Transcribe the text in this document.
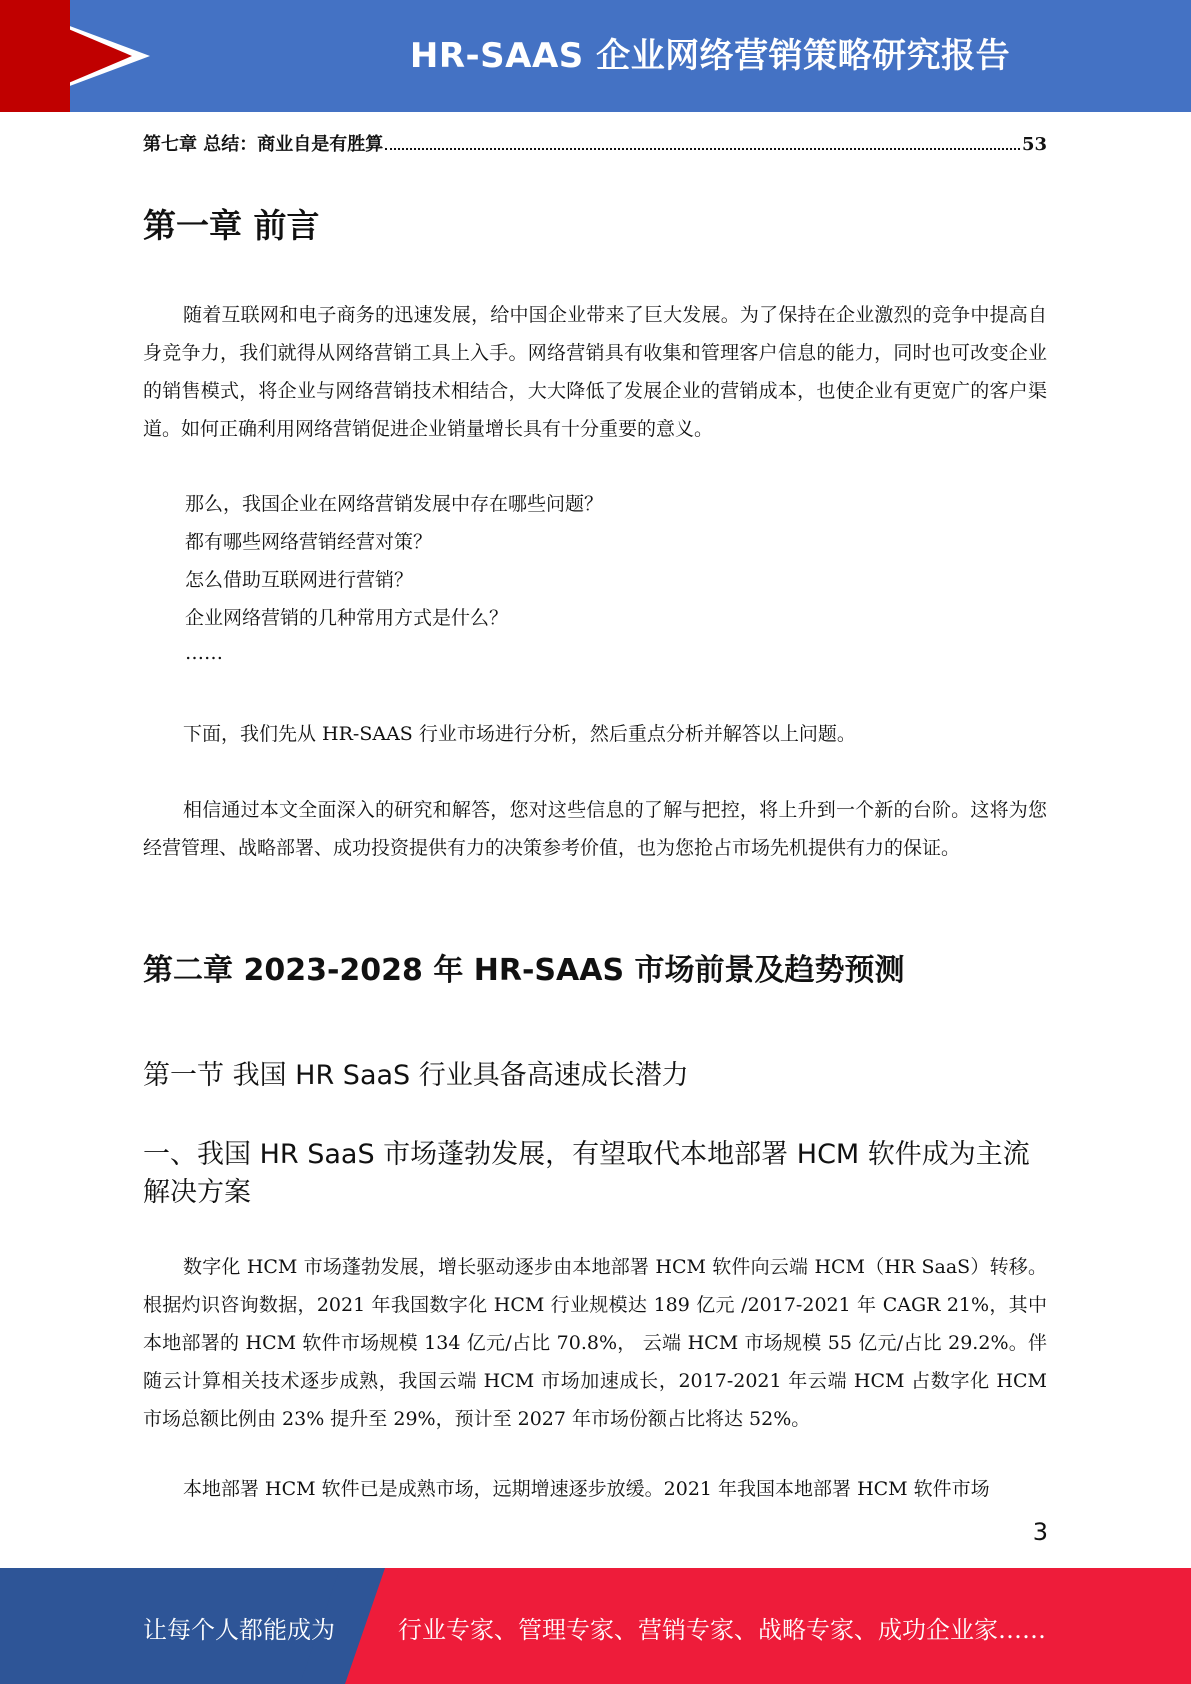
HR-SAAS 企业网络营销策略研究报告
第七章 总结：商业自是有胜算	53
第一章 前言
随着互联网和电子商务的迅速发展，给中国企业带来了巨大发展。为了保持在企业激烈的竞争中提高自身竞争力，我们就得从网络营销工具上入手。网络营销具有收集和管理客户信息的能力，同时也可改变企业的销售模式，将企业与网络营销技术相结合，大大降低了发展企业的营销成本，也使企业有更宽广的客户渠道。如何正确利用网络营销促进企业销量增长具有十分重要的意义。
那么，我国企业在网络营销发展中存在哪些问题？
都有哪些网络营销经营对策？
怎么借助互联网进行营销？
企业网络营销的几种常用方式是什么？
……
下面，我们先从 HR-SAAS 行业市场进行分析，然后重点分析并解答以上问题。
相信通过本文全面深入的研究和解答，您对这些信息的了解与把控，将上升到一个新的台阶。这将为您经营管理、战略部署、成功投资提供有力的决策参考价值，也为您抢占市场先机提供有力的保证。
第二章 2023-2028 年 HR-SAAS 市场前景及趋势预测
第一节 我国 HR SaaS 行业具备高速成长潜力
一、我国 HR SaaS 市场蓬勃发展，有望取代本地部署 HCM 软件成为主流解决方案
数字化 HCM 市场蓬勃发展，增长驱动逐步由本地部署 HCM 软件向云端 HCM（HR SaaS）转移。根据灼识咨询数据，2021 年我国数字化 HCM 行业规模达 189 亿元 /2017-2021 年 CAGR 21%，其中本地部署的 HCM 软件市场规模 134 亿元/占比 70.8%， 云端 HCM 市场规模 55 亿元/占比 29.2%。伴随云计算相关技术逐步成熟，我国云端 HCM 市场加速成长，2017-2021 年云端 HCM 占数字化 HCM 市场总额比例由 23% 提升至 29%，预计至 2027 年市场份额占比将达 52%。
本地部署 HCM 软件已是成熟市场，远期增速逐步放缓。2021 年我国本地部署 HCM 软件市场
3
让每个人都能成为	行业专家、管理专家、营销专家、战略专家、成功企业家……
